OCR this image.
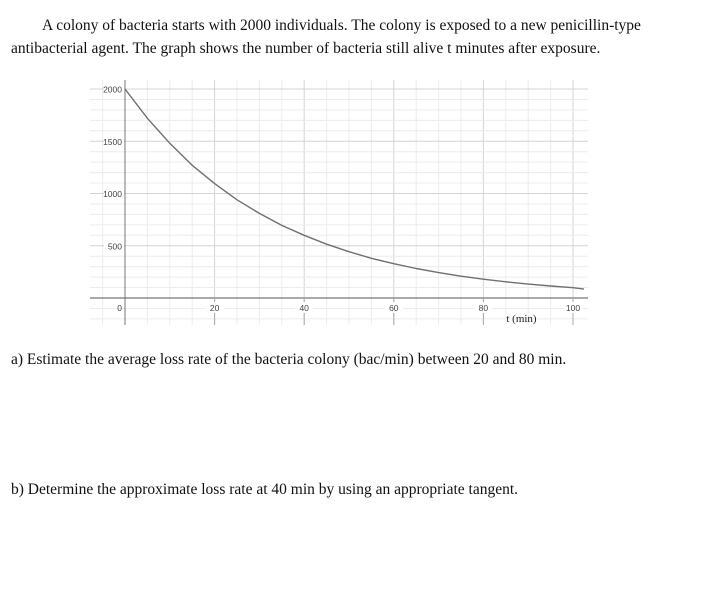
A colony of bacteria starts with 2000 individuals. The colony is exposed to a new penicillin-type
antibacterial agent. The graph shows the number of bacteria still alive t minutes after exposure.
0
500
1000
1500
2000
20	40	60	80	100
t (min)
a) Estimate the average loss rate of the bacteria colony (bac/min) between 20 and 80 min.
b) Determine the approximate loss rate at 40 min by using an appropriate tangent.
